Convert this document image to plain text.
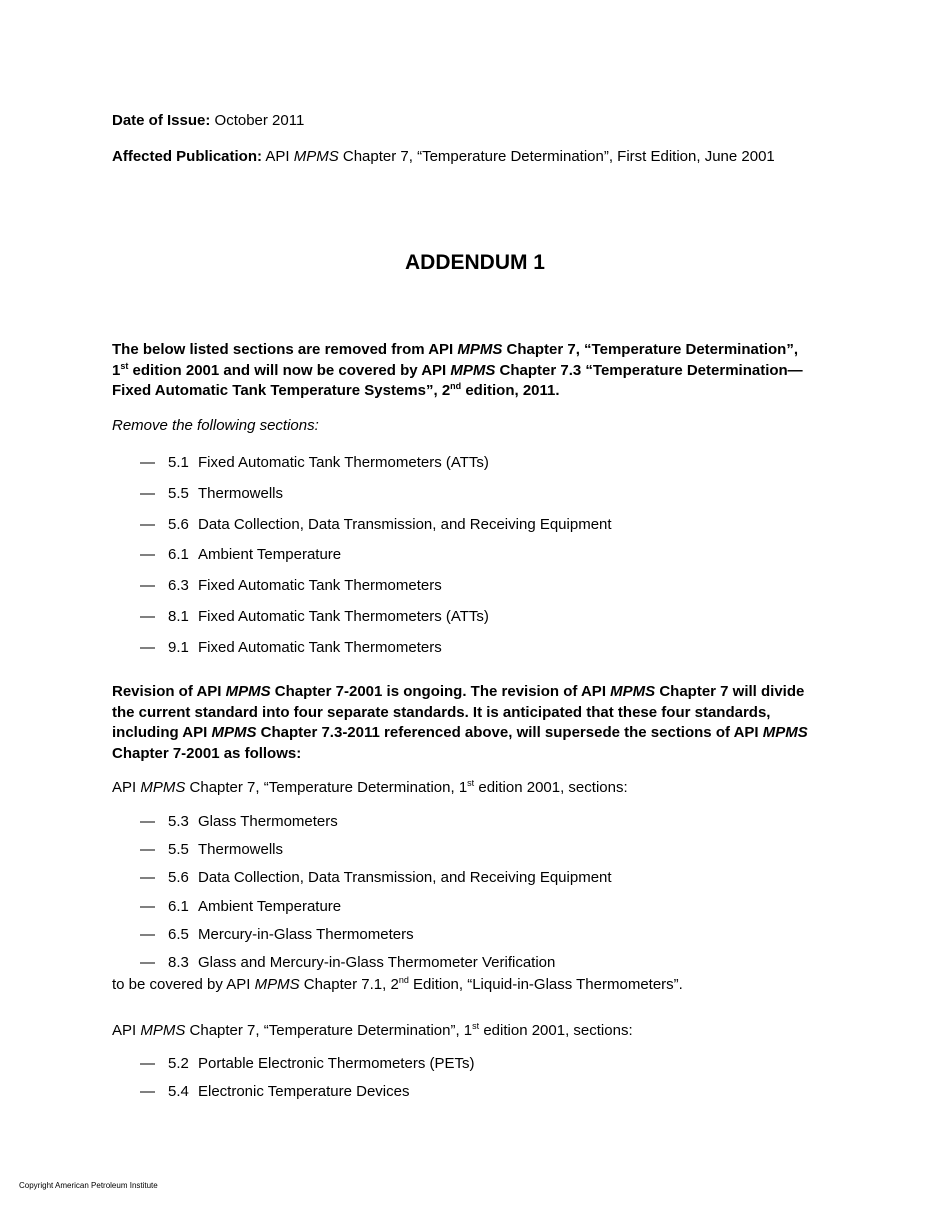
Date of Issue: October 2011
Affected Publication: API MPMS Chapter 7, “Temperature Determination”, First Edition, June 2001
ADDENDUM 1
The below listed sections are removed from API MPMS Chapter 7, “Temperature Determination”,
1st edition 2001 and will now be covered by API MPMS Chapter 7.3 “Temperature Determination—
Fixed Automatic Tank Temperature Systems”, 2nd edition, 2011.
Remove the following sections:
— 5.1 Fixed Automatic Tank Thermometers (ATTs)
— 5.5 Thermowells
— 5.6 Data Collection, Data Transmission, and Receiving Equipment
— 6.1 Ambient Temperature
— 6.3 Fixed Automatic Tank Thermometers
— 8.1 Fixed Automatic Tank Thermometers (ATTs)
— 9.1 Fixed Automatic Tank Thermometers
Revision of API MPMS Chapter 7-2001 is ongoing. The revision of API MPMS Chapter 7 will divide
the current standard into four separate standards. It is anticipated that these four standards,
including API MPMS Chapter 7.3-2011 referenced above, will supersede the sections of API MPMS
Chapter 7-2001 as follows:
API MPMS Chapter 7, “Temperature Determination, 1st edition 2001, sections:
— 5.3 Glass Thermometers
— 5.5 Thermowells
— 5.6 Data Collection, Data Transmission, and Receiving Equipment
— 6.1 Ambient Temperature
— 6.5 Mercury-in-Glass Thermometers
— 8.3 Glass and Mercury-in-Glass Thermometer Verification
to be covered by API MPMS Chapter 7.1, 2nd Edition, “Liquid-in-Glass Thermometers”.
API MPMS Chapter 7, “Temperature Determination”, 1st edition 2001, sections:
— 5.2 Portable Electronic Thermometers (PETs)
— 5.4 Electronic Temperature Devices
Copyright American Petroleum Institute
